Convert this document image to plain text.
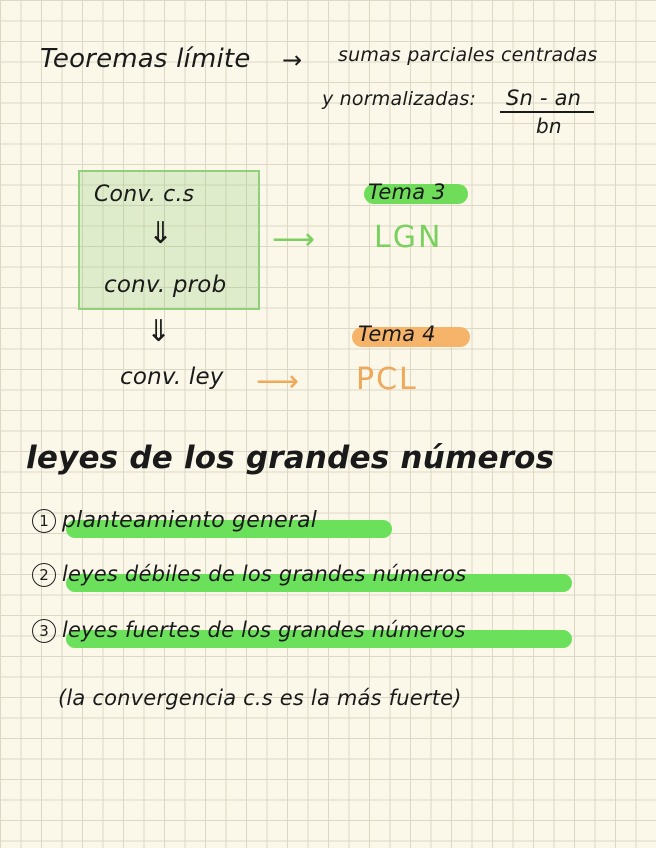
Teoremas límite → sumas parciales centradas
y normalizadas: Sn - an
bn
Conv. c.s
⇓
conv. prob
⇓
conv. ley
⟶
⟶
Tema 3
LGN
Tema 4
PCL
leyes de los grandes números
1 planteamiento general
2 leyes débiles de los grandes números
3 leyes fuertes de los grandes números
(la convergencia c.s es la más fuerte)
